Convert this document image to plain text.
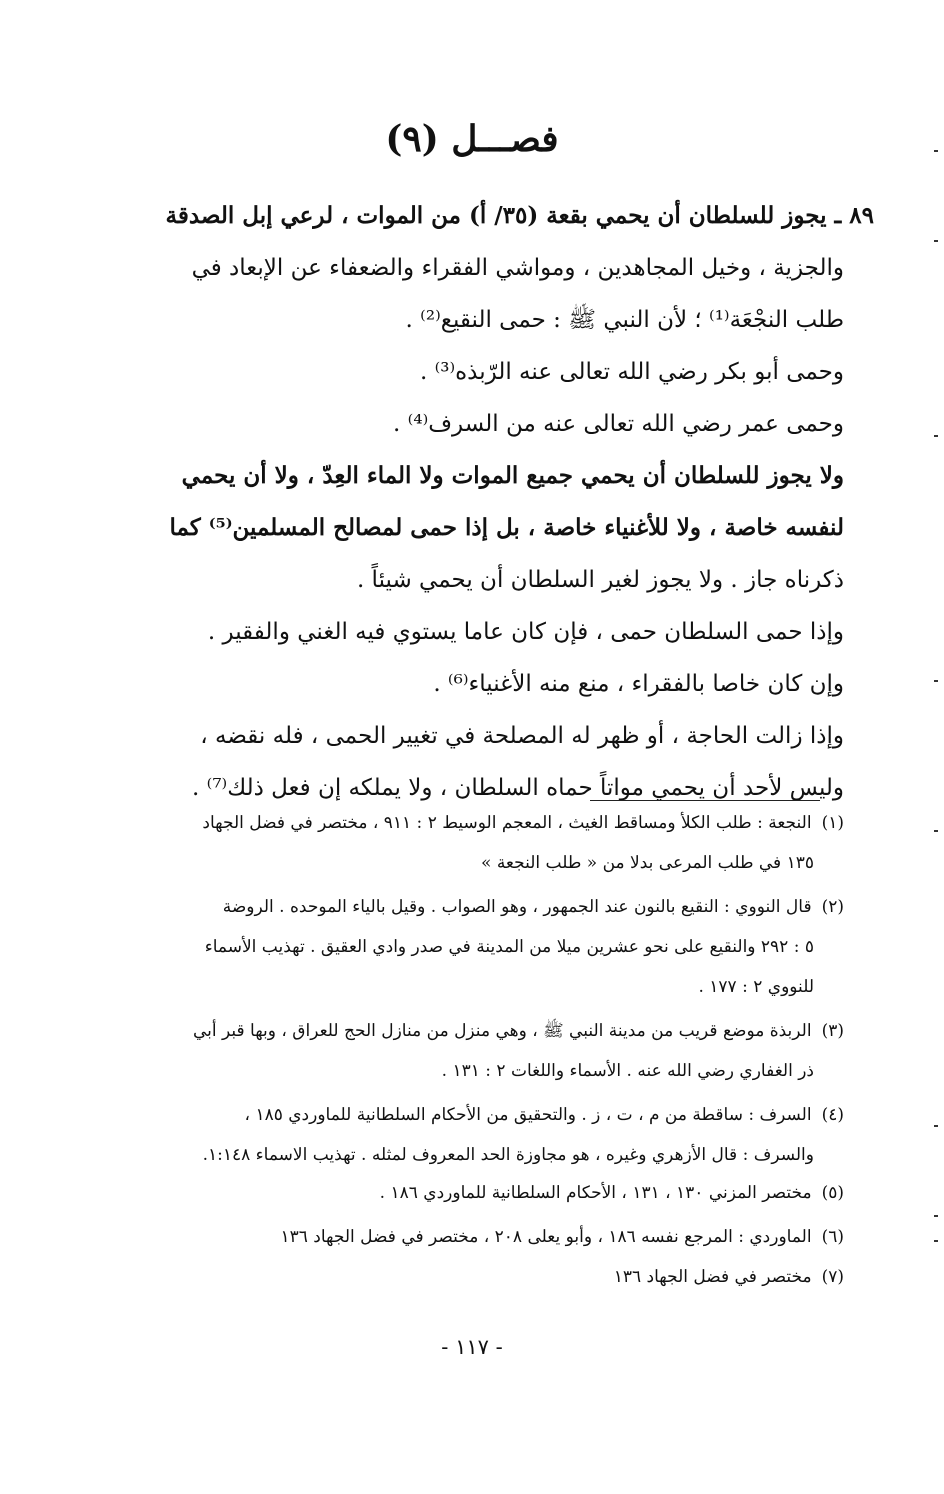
فصـــل (٩)
٨٩ ـ يجوز للسلطان أن يحمي بقعة (٣٥/ أ) من الموات ، لرعي إبل الصدقة
والجزية ، وخيل المجاهدين ، ومواشي الفقراء والضعفاء عن الإبعاد في
طلب النجْعَة⁽¹⁾ ؛ لأن النبي ﷺ : حمى النقيع⁽²⁾ .
وحمى أبو بكر رضي الله تعالى عنه الرّبذه⁽³⁾ .
وحمى عمر رضي الله تعالى عنه من السرف⁽⁴⁾ .
ولا يجوز للسلطان أن يحمي جميع الموات ولا الماء العِدّ ، ولا أن يحمي
لنفسه خاصة ، ولا للأغنياء خاصة ، بل إذا حمى لمصالح المسلمين⁽⁵⁾ كما
ذكرناه جاز . ولا يجوز لغير السلطان أن يحمي شيئاً .
وإذا حمى السلطان حمى ، فإن كان عاما يستوي فيه الغني والفقير .
وإن كان خاصا بالفقراء ، منع منه الأغنياء⁽⁶⁾ .
وإذا زالت الحاجة ، أو ظهر له المصلحة في تغيير الحمى ، فله نقضه ،
وليس لأحد أن يحمي مواتاً حماه السلطان ، ولا يملكه إن فعل ذلك⁽⁷⁾ .
(١)النجعة : طلب الكلأ ومساقط الغيث ، المعجم الوسيط ٢ : ٩١١ ، مختصر في فضل الجهاد
١٣٥ في طلب المرعى بدلا من « طلب النجعة »
(٢)قال النووي : النقيع بالنون عند الجمهور ، وهو الصواب . وقيل بالياء الموحده . الروضة
٥ : ٢٩٢ والنقيع على نحو عشرين ميلا من المدينة في صدر وادي العقيق . تهذيب الأسماء
للنووي ٢ : ١٧٧ .
(٣)الربذة موضع قريب من مدينة النبي ﷺ ، وهي منزل من منازل الحج للعراق ، وبها قبر أبي
ذر الغفاري رضي الله عنه . الأسماء واللغات ٢ : ١٣١ .
(٤)السرف : ساقطة من م ، ت ، ز . والتحقيق من الأحكام السلطانية للماوردي ١٨٥ ،
والسرف : قال الأزهري وغيره ، هو مجاوزة الحد المعروف لمثله . تهذيب الاسماء ١:١٤٨.
(٥)مختصر المزني ١٣٠ ، ١٣١ ، الأحكام السلطانية للماوردي ١٨٦ .
(٦)الماوردي : المرجع نفسه ١٨٦ ، وأبو يعلى ٢٠٨ ، مختصر في فضل الجهاد ١٣٦
(٧)مختصر في فضل الجهاد ١٣٦
- ١١٧ -
